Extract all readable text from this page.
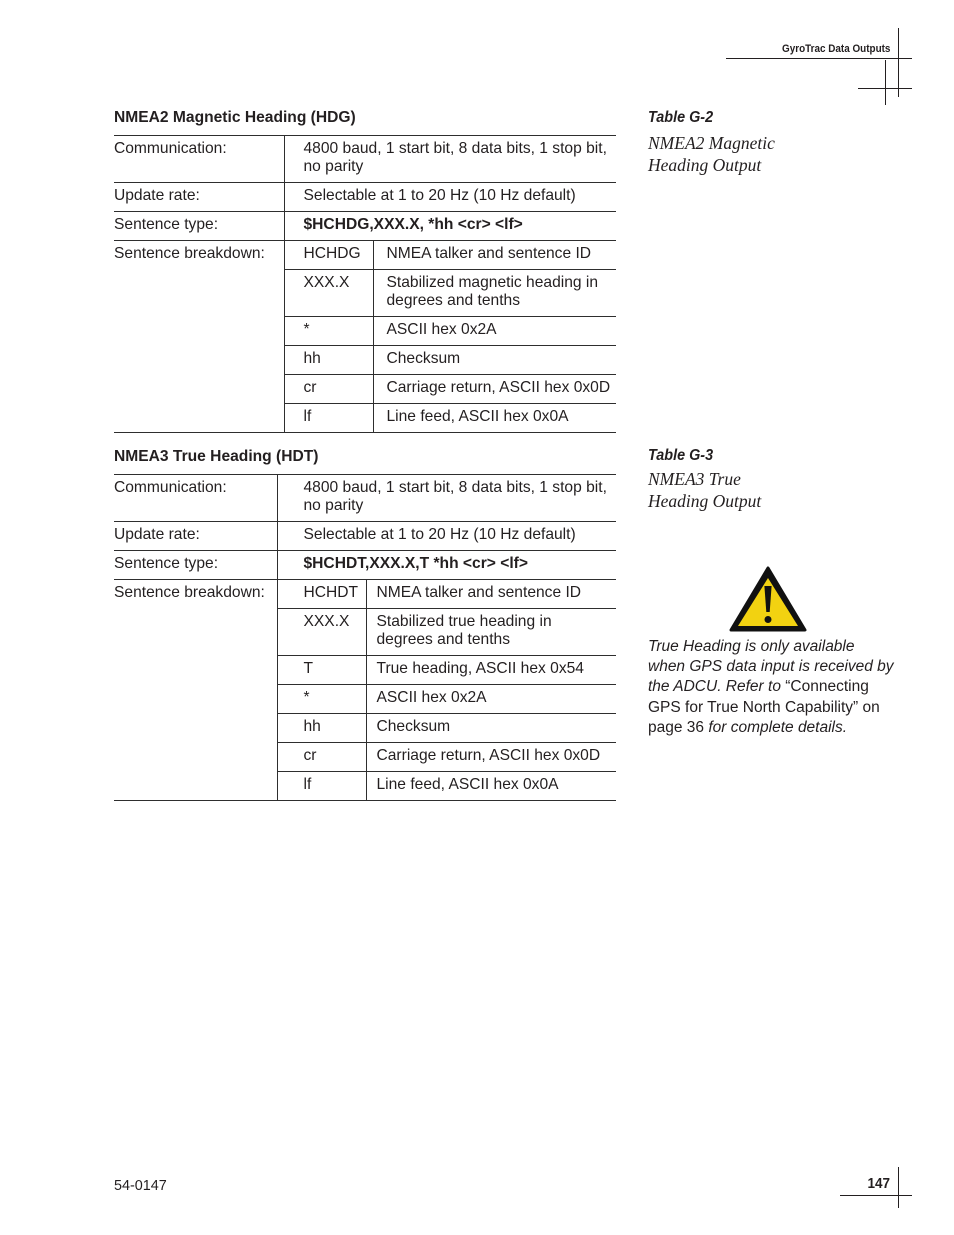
GyroTrac Data Outputs
NMEA2 Magnetic Heading (HDG)	Table G-2
NMEA2 Magnetic
Heading Output
Communication:	4800 baud, 1 start bit, 8 data bits, 1 stop bit,
no parity	
Update rate:	Selectable at 1 to 20 Hz (10 Hz default)	
Sentence type:	$HCHDG,XXX.X, *hh <cr> <lf>	
Sentence breakdown:	HCHDG	NMEA talker and sentence ID
	XXX.X	Stabilized magnetic heading in
degrees and tenths
	*	ASCII hex 0x2A
	hh	Checksum
	cr	Carriage return, ASCII hex 0x0D
	lf	Line feed, ASCII hex 0x0A
NMEA3 True Heading (HDT)	Table G-3
NMEA3 True
Heading Output
Communication:	4800 baud, 1 start bit, 8 data bits, 1 stop bit,
no parity	
Update rate:	Selectable at 1 to 20 Hz (10 Hz default)	
Sentence type:	$HCHDT,XXX.X,T *hh <cr> <lf>	
Sentence breakdown:	HCHDT	NMEA talker and sentence ID
	XXX.X	Stabilized true heading in
degrees and tenths
	T	True heading, ASCII hex 0x54
	*	ASCII hex 0x2A
	hh	Checksum
	cr	Carriage return, ASCII hex 0x0D
	lf	Line feed, ASCII hex 0x0A

True Heading is only available
when GPS data input is received by
the ADCU. Refer to “Connecting
GPS for True North Capability” on
page 36 for complete details.

54-0147	147
